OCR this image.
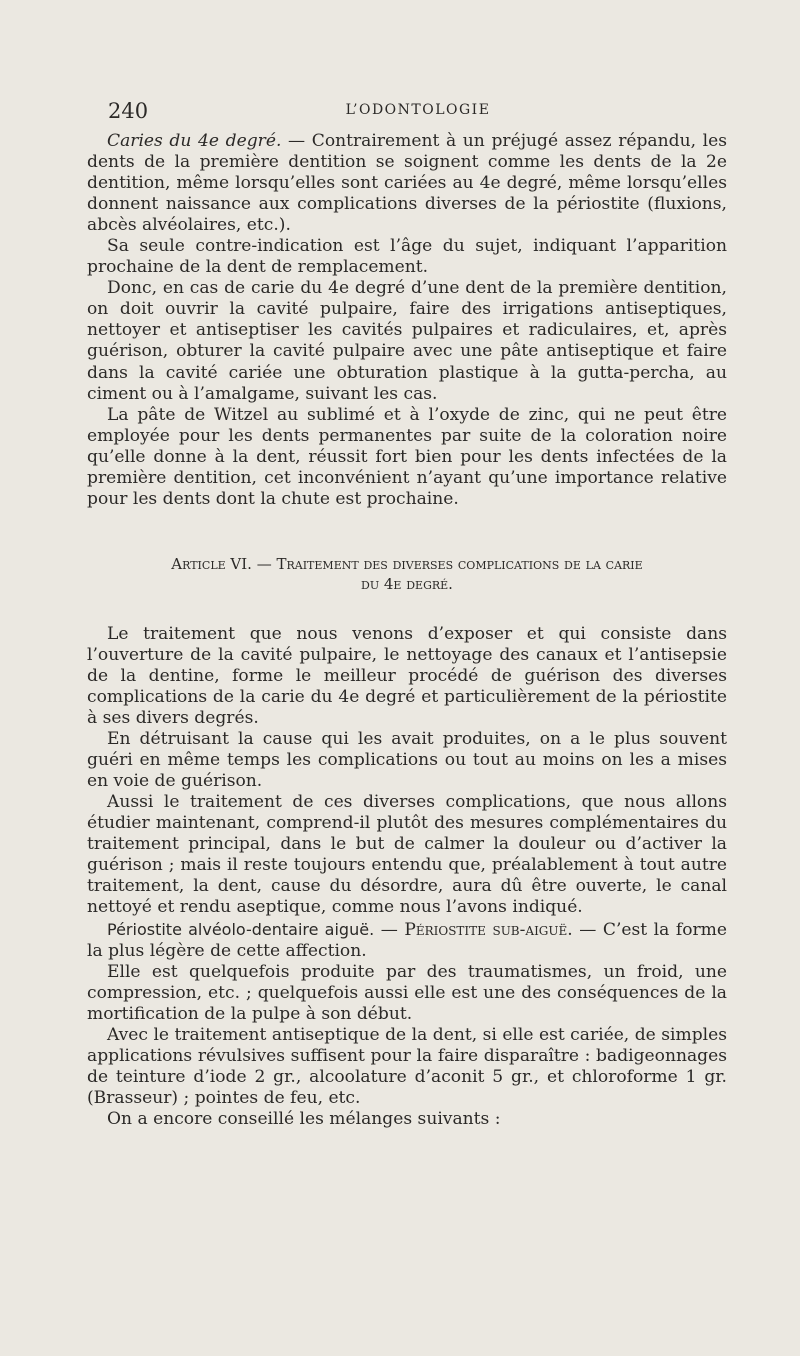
240	L’ODONTOLOGIE

Caries du 4e degré. — Contrairement à un préjugé assez répandu, les dents de la première dentition se soignent comme les dents de la 2e dentition, même lorsqu’elles sont cariées au 4e degré, même lorsqu’elles donnent naissance aux complications diverses de la périostite (fluxions, abcès alvéolaires, etc.).

Sa seule contre-indication est l’âge du sujet, indiquant l’apparition prochaine de la dent de remplacement.

Donc, en cas de carie du 4e degré d’une dent de la première dentition, on doit ouvrir la cavité pulpaire, faire des irrigations antiseptiques, nettoyer et antiseptiser les cavités pulpaires et radiculaires, et, après guérison, obturer la cavité pulpaire avec une pâte antiseptique et faire dans la cavité cariée une obturation plastique à la gutta-percha, au ciment ou à l’amalgame, suivant les cas.

La pâte de Witzel au sublimé et à l’oxyde de zinc, qui ne peut être employée pour les dents permanentes par suite de la coloration noire qu’elle donne à la dent, réussit fort bien pour les dents infectées de la première dentition, cet inconvénient n’ayant qu’une importance relative pour les dents dont la chute est prochaine.

Article VI. — Traitement des diverses complications de la carie
du 4e degré.

Le traitement que nous venons d’exposer et qui consiste dans l’ouverture de la cavité pulpaire, le nettoyage des canaux et l’antisepsie de la dentine, forme le meilleur procédé de guérison des diverses complications de la carie du 4e degré et particulièrement de la périostite à ses divers degrés.

En détruisant la cause qui les avait produites, on a le plus souvent guéri en même temps les complications ou tout au moins on les a mises en voie de guérison.

Aussi le traitement de ces diverses complications, que nous allons étudier maintenant, comprend-il plutôt des mesures complémentaires du traitement principal, dans le but de calmer la douleur ou d’activer la guérison ; mais il reste toujours entendu que, préalablement à tout autre traitement, la dent, cause du désordre, aura dû être ouverte, le canal nettoyé et rendu aseptique, comme nous l’avons indiqué.

Périostite alvéolo-dentaire aiguë. — Périostite sub-aiguë. — C’est la forme la plus légère de cette affection.

Elle est quelquefois produite par des traumatismes, un froid, une compression, etc. ; quelquefois aussi elle est une des conséquences de la mortification de la pulpe à son début.

Avec le traitement antiseptique de la dent, si elle est cariée, de simples applications révulsives suffisent pour la faire disparaître : badigeonnages de teinture d’iode 2 gr., alcoolature d’aconit 5 gr., et chloroforme 1 gr. (Brasseur) ; pointes de feu, etc.

On a encore conseillé les mélanges suivants :
